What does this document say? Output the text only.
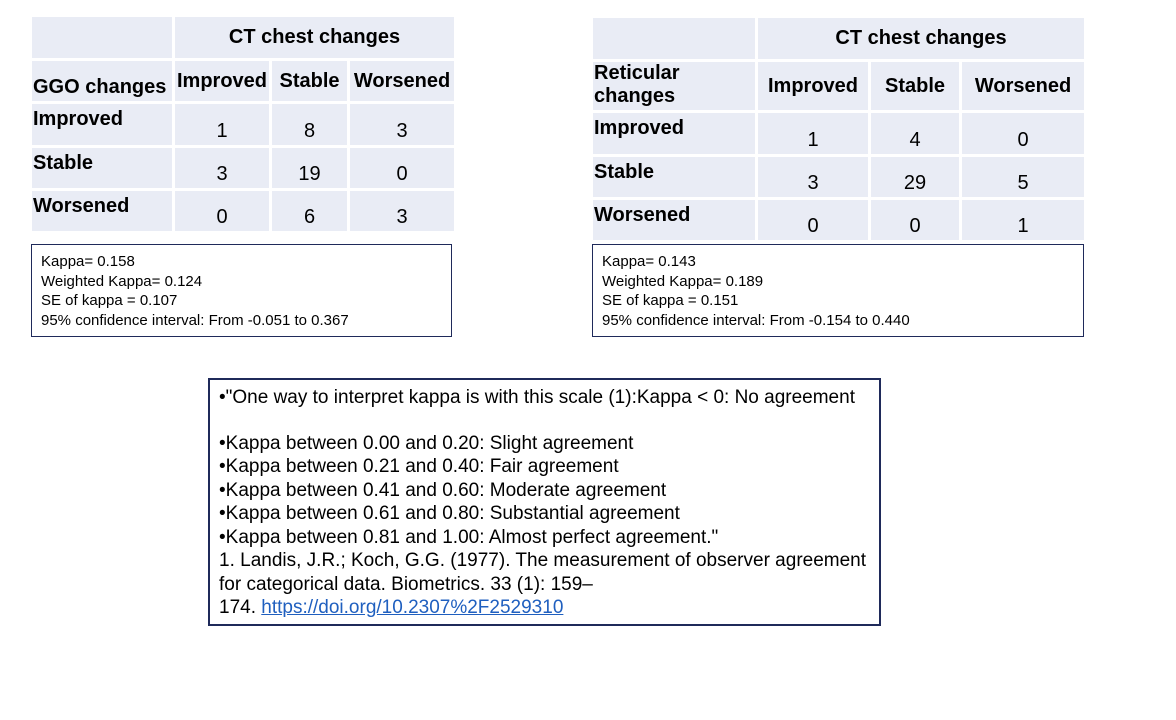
	CT chest changes		
GGO changes	Improved	Stable	Worsened
Improved	1	8	3
Stable	3	19	0
Worsened	0	6	3
Kappa= 0.158
Weighted Kappa= 0.124
SE of kappa = 0.107
95% confidence interval: From -0.051 to 0.367
	CT chest changes		
Reticular changes	Improved	Stable	Worsened
Improved	1	4	0
Stable	3	29	5
Worsened	0	0	1
Kappa= 0.143
Weighted Kappa= 0.189
SE of kappa = 0.151
95% confidence interval: From -0.154 to 0.440
•"One way to interpret kappa is with this scale (1):Kappa < 0: No agreement
•Kappa between 0.00 and 0.20: Slight agreement
•Kappa between 0.21 and 0.40: Fair agreement
•Kappa between 0.41 and 0.60: Moderate agreement
•Kappa between 0.61 and 0.80: Substantial agreement
•Kappa between 0.81 and 1.00: Almost perfect agreement."
1. Landis, J.R.; Koch, G.G. (1977). The measurement of observer agreement
for categorical data. Biometrics. 33 (1): 159–
174. https://doi.org/10.2307%2F2529310
